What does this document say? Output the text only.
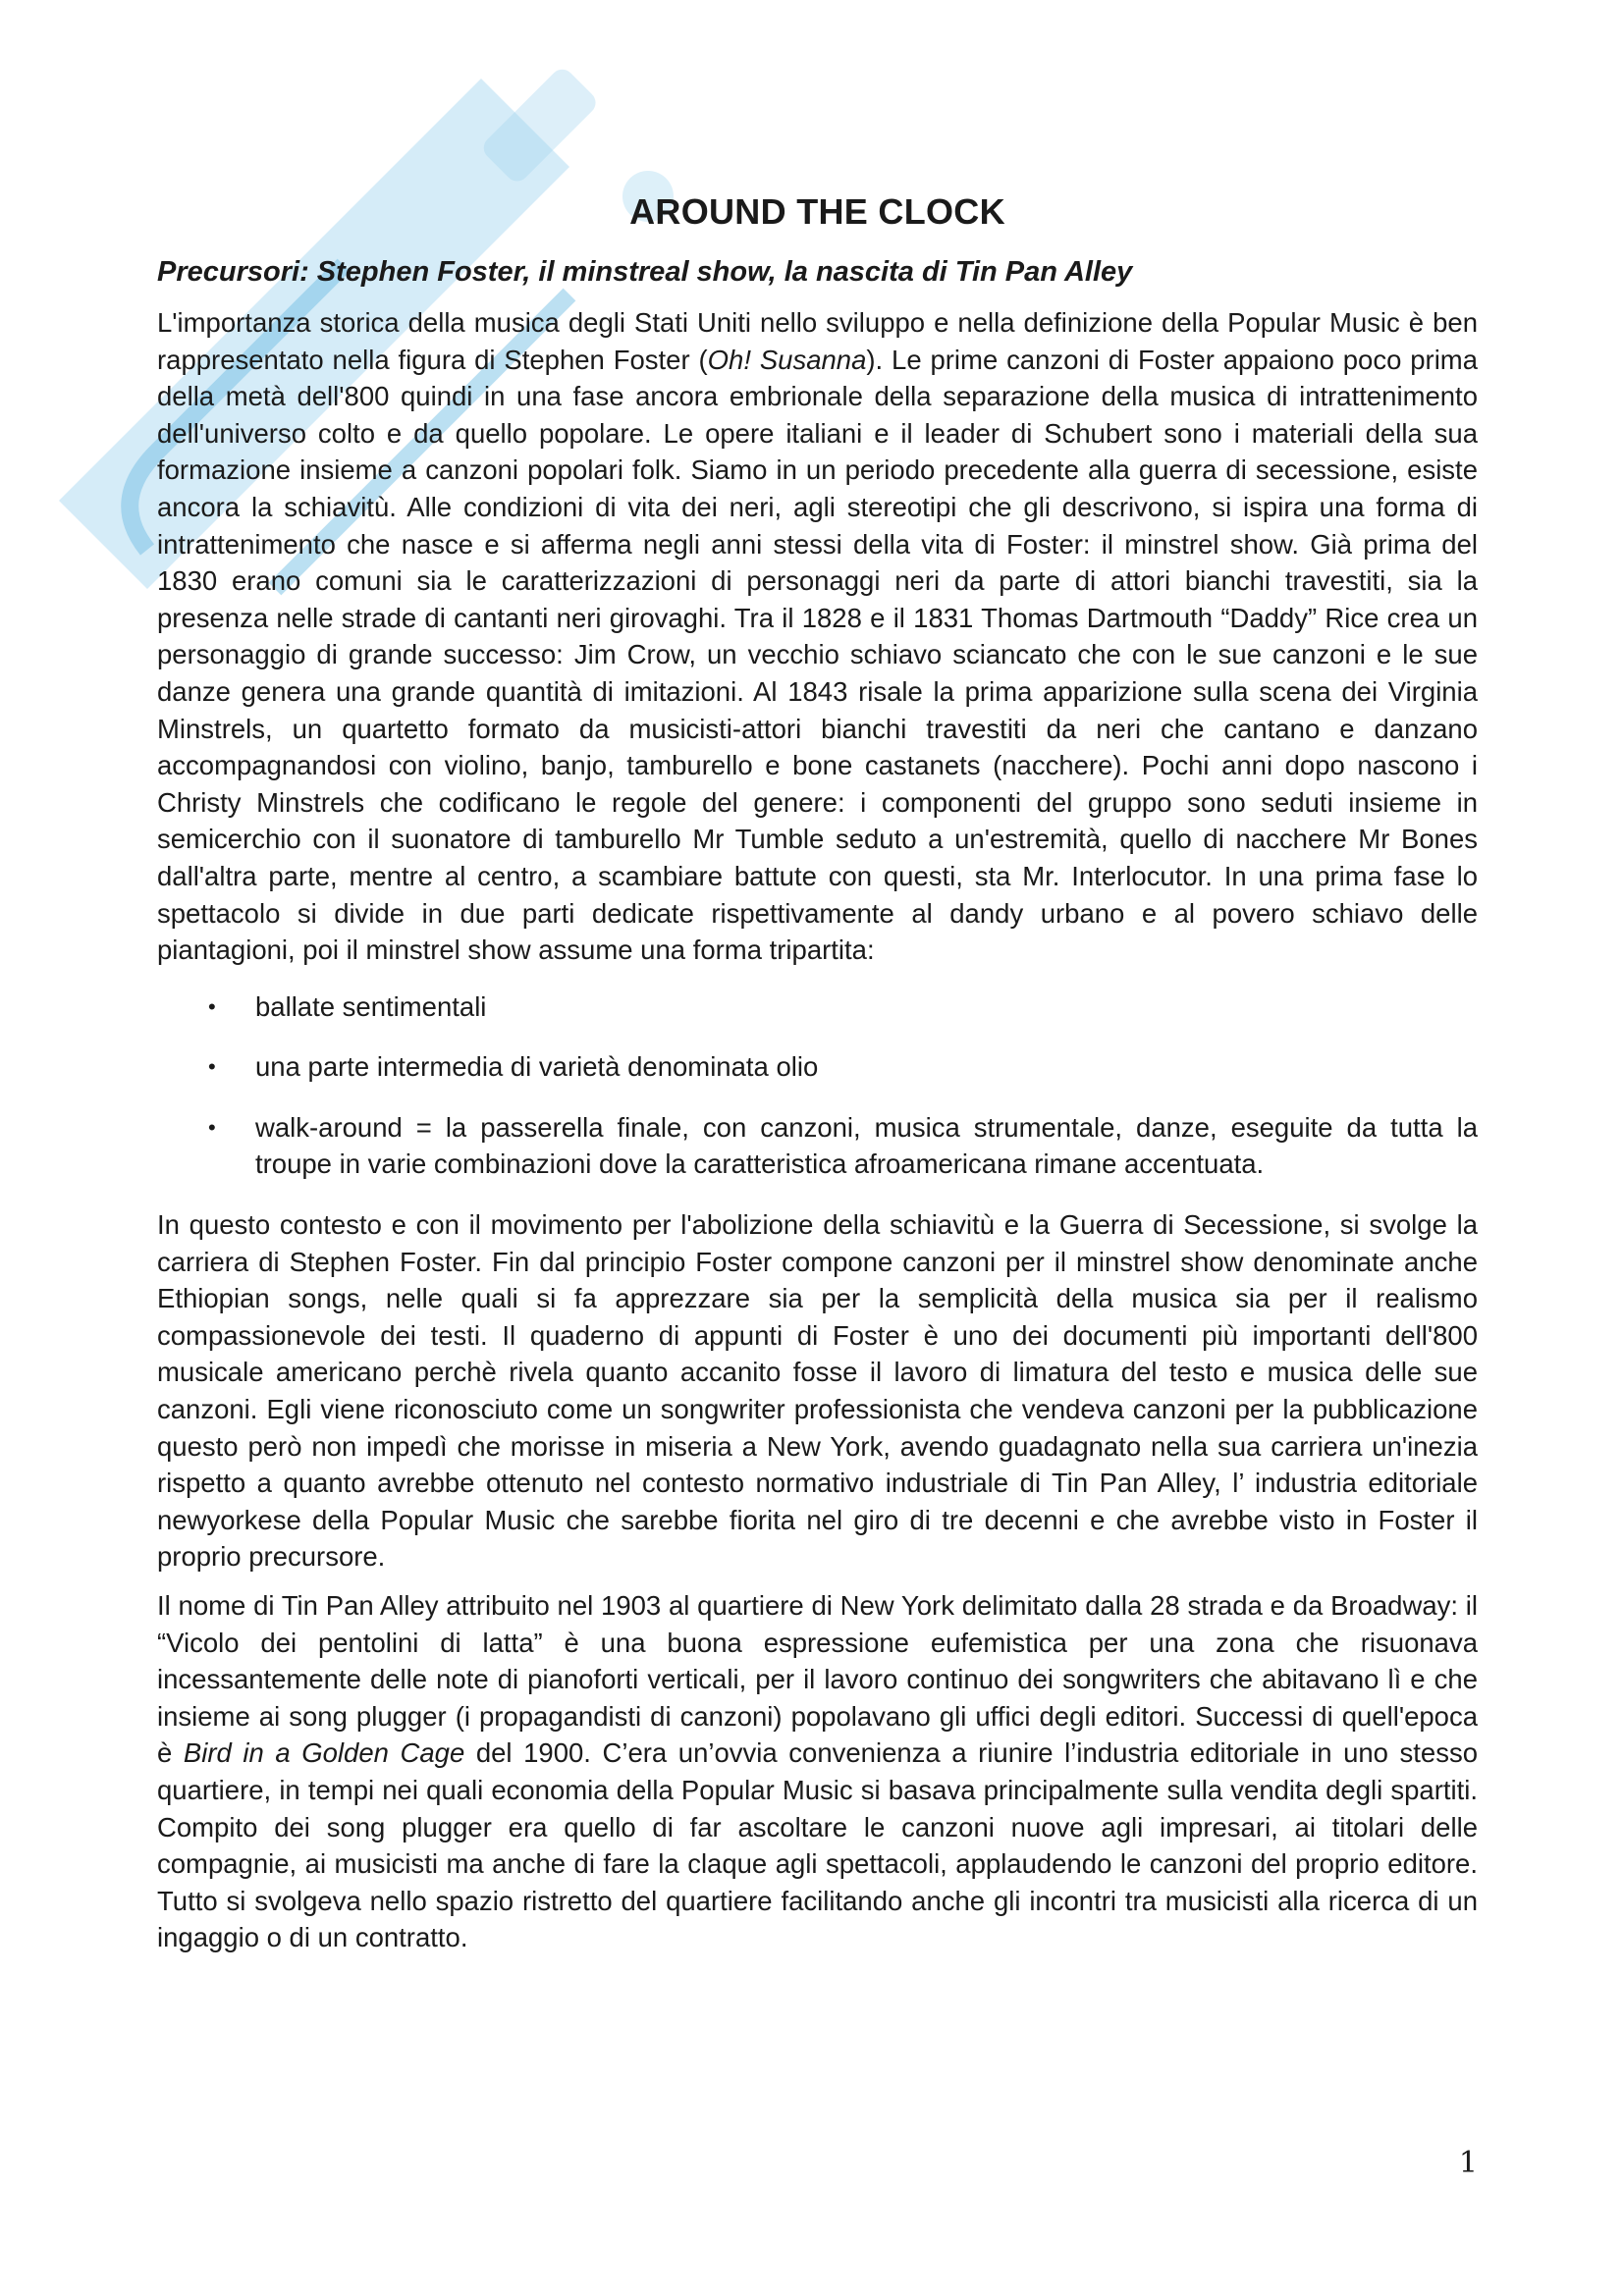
AROUND THE CLOCK
Precursori: Stephen Foster, il minstreal show, la nascita di Tin Pan Alley

L'importanza storica della musica degli Stati Uniti nello sviluppo e nella definizione della Popular Music è ben rappresentato nella figura di Stephen Foster (Oh! Susanna). Le prime canzoni di Foster appaiono poco prima della metà dell'800 quindi in una fase ancora embrionale della separazione della musica di intrattenimento dell'universo colto e da quello popolare. Le opere italiani e il leader di Schubert sono i materiali della sua formazione insieme a canzoni popolari folk. Siamo in un periodo precedente alla guerra di secessione, esiste ancora la schiavitù. Alle condizioni di vita dei neri, agli stereotipi che gli descrivono, si ispira una forma di intrattenimento che nasce e si afferma negli anni stessi della vita di Foster: il minstrel show. Già prima del 1830 erano comuni sia le caratterizzazioni di personaggi neri da parte di attori bianchi travestiti, sia la presenza nelle strade di cantanti neri girovaghi. Tra il 1828 e il 1831 Thomas Dartmouth “Daddy” Rice crea un personaggio di grande successo: Jim Crow, un vecchio schiavo sciancato che con le sue canzoni e le sue danze genera una grande quantità di imitazioni. Al 1843 risale la prima apparizione sulla scena dei Virginia Minstrels, un quartetto formato da musicisti-attori bianchi travestiti da neri che cantano e danzano accompagnandosi con violino, banjo, tamburello e bone castanets (nacchere). Pochi anni dopo nascono i Christy Minstrels che codificano le regole del genere: i componenti del gruppo sono seduti insieme in semicerchio con il suonatore di tamburello Mr Tumble seduto a un'estremità, quello di nacchere Mr Bones dall'altra parte, mentre al centro, a scambiare battute con questi, sta Mr. Interlocutor. In una prima fase lo spettacolo si divide in due parti dedicate rispettivamente al dandy urbano e al povero schiavo delle piantagioni, poi il minstrel show assume una forma tripartita:

• ballate sentimentali
• una parte intermedia di varietà denominata olio
• walk-around = la passerella finale, con canzoni, musica strumentale, danze, eseguite da tutta la troupe in varie combinazioni dove la caratteristica afroamericana rimane accentuata.

In questo contesto e con il movimento per l'abolizione della schiavitù e la Guerra di Secessione, si svolge la carriera di Stephen Foster. Fin dal principio Foster compone canzoni per il minstrel show denominate anche Ethiopian songs, nelle quali si fa apprezzare sia per la semplicità della musica sia per il realismo compassionevole dei testi. Il quaderno di appunti di Foster è uno dei documenti più importanti dell'800 musicale americano perchè rivela quanto accanito fosse il lavoro di limatura del testo e musica delle sue canzoni. Egli viene riconosciuto come un songwriter professionista che vendeva canzoni per la pubblicazione questo però non impedì che morisse in miseria a New York, avendo guadagnato nella sua carriera un'inezia rispetto a quanto avrebbe ottenuto nel contesto normativo industriale di Tin Pan Alley, l’ industria editoriale newyorkese della Popular Music che sarebbe fiorita nel giro di tre decenni e che avrebbe visto in Foster il proprio precursore.

Il nome di Tin Pan Alley attribuito nel 1903 al quartiere di New York delimitato dalla 28 strada e da Broadway: il “Vicolo dei pentolini di latta” è una buona espressione eufemistica per una zona che risuonava incessantemente delle note di pianoforti verticali, per il lavoro continuo dei songwriters che abitavano lì e che insieme ai song plugger (i propagandisti di canzoni) popolavano gli uffici degli editori. Successi di quell'epoca è Bird in a Golden Cage del 1900. C’era un’ovvia convenienza a riunire l’industria editoriale in uno stesso quartiere, in tempi nei quali economia della Popular Music si basava principalmente sulla vendita degli spartiti. Compito dei song plugger era quello di far ascoltare le canzoni nuove agli impresari, ai titolari delle compagnie, ai musicisti ma anche di fare la claque agli spettacoli, applaudendo le canzoni del proprio editore. Tutto si svolgeva nello spazio ristretto del quartiere facilitando anche gli incontri tra musicisti alla ricerca di un ingaggio o di un contratto.

1
